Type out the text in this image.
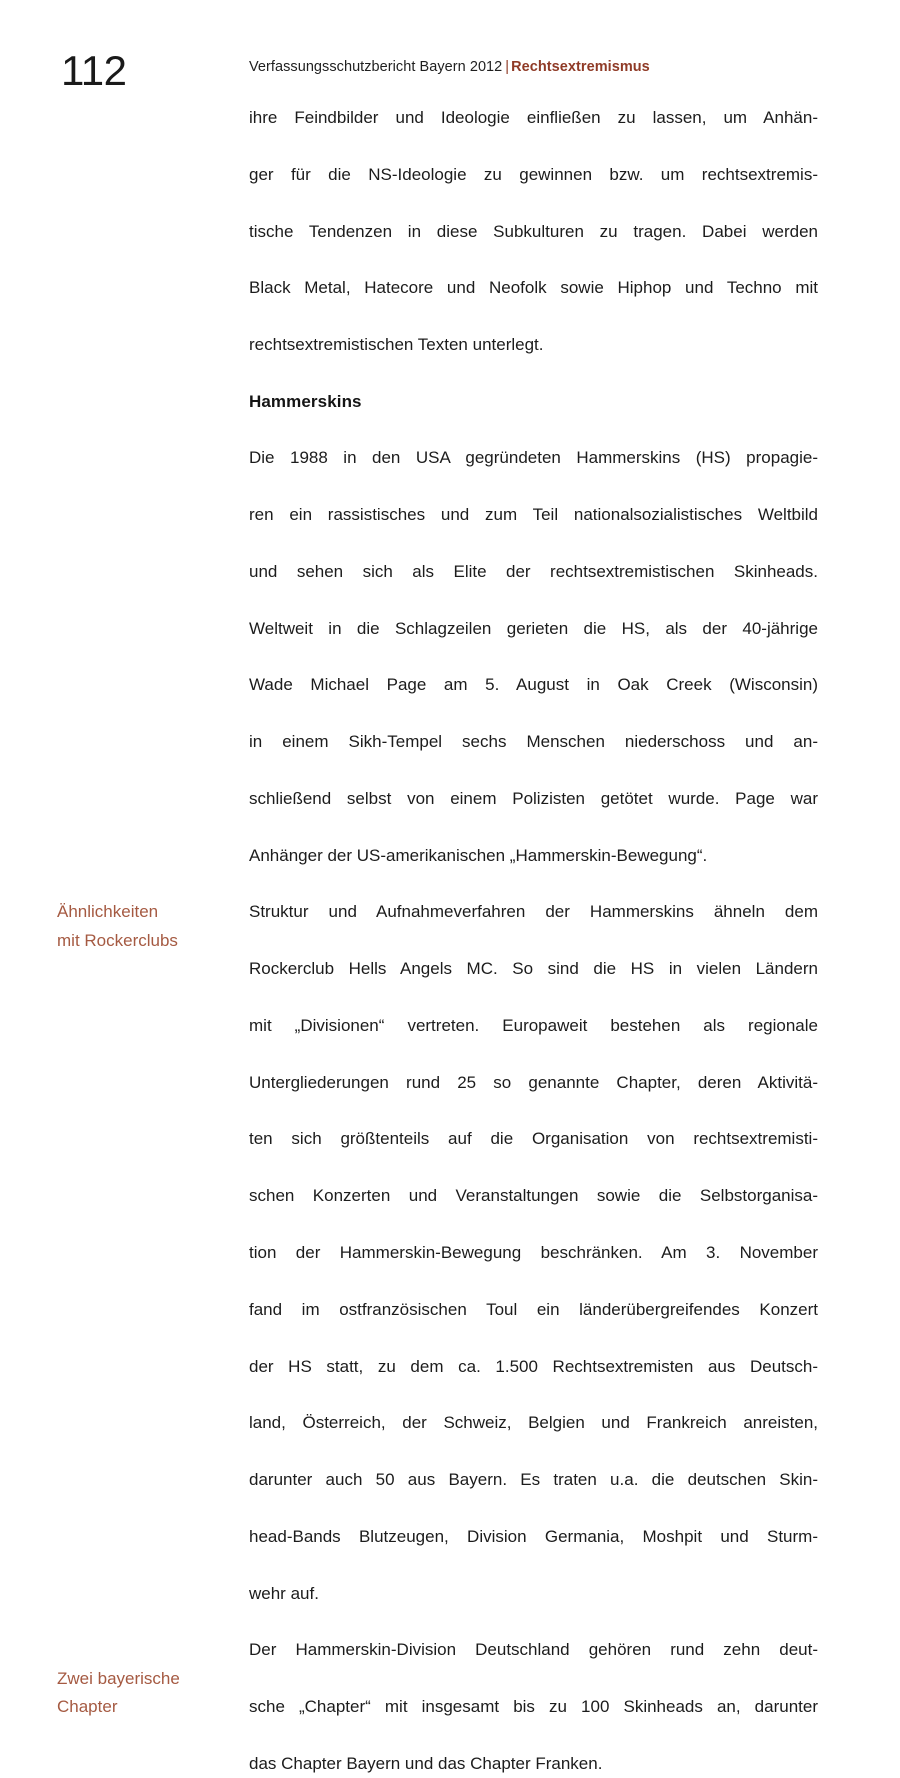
112	Verfassungsschutzbericht Bayern 2012 | Rechtsextremismus

ihre Feindbilder und Ideologie einfließen zu lassen, um Anhän-
ger für die NS-Ideologie zu gewinnen bzw. um rechtsextremis-
tische Tendenzen in diese Subkulturen zu tragen. Dabei werden
Black Metal, Hatecore und Neofolk sowie Hiphop und Techno mit
rechtsextremistischen Texten unterlegt.

Hammerskins

Die 1988 in den USA gegründeten Hammerskins (HS) propagie-
ren ein rassistisches und zum Teil nationalsozialistisches Weltbild
und sehen sich als Elite der rechtsextremistischen Skinheads.
Weltweit in die Schlagzeilen gerieten die HS, als der 40-jährige
Wade Michael Page am 5. August in Oak Creek (Wisconsin)
in einem Sikh-Tempel sechs Menschen niederschoss und an-
schließend selbst von einem Polizisten getötet wurde. Page war
Anhänger der US-amerikanischen „Hammerskin-Bewegung“.

Ähnlichkeiten
mit Rockerclubs

Struktur und Aufnahmeverfahren der Hammerskins ähneln dem
Rockerclub Hells Angels MC. So sind die HS in vielen Ländern
mit „Divisionen“ vertreten. Europaweit bestehen als regionale
Untergliederungen rund 25 so genannte Chapter, deren Aktivitä-
ten sich größtenteils auf die Organisation von rechtsextremisti-
schen Konzerten und Veranstaltungen sowie die Selbstorganisa-
tion der Hammerskin-Bewegung beschränken. Am 3. November
fand im ostfranzösischen Toul ein länderübergreifendes Konzert
der HS statt, zu dem ca. 1.500 Rechtsextremisten aus Deutsch-
land, Österreich, der Schweiz, Belgien und Frankreich anreisten,
darunter auch 50 aus Bayern. Es traten u.a. die deutschen Skin-
head-Bands Blutzeugen, Division Germania, Moshpit und Sturm-
wehr auf.

Zwei bayerische
Chapter

Der Hammerskin-Division Deutschland gehören rund zehn deut-
sche „Chapter“ mit insgesamt bis zu 100 Skinheads an, darunter
das Chapter Bayern und das Chapter Franken.
